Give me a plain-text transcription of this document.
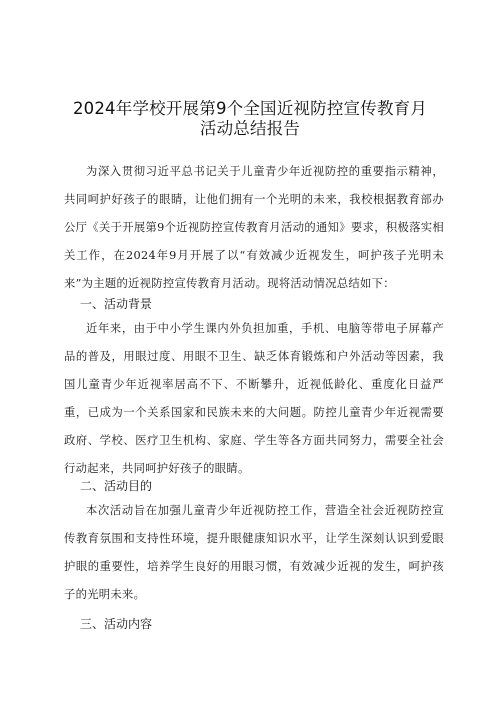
2024年学校开展第9个全国近视防控宣传教育月
活动总结报告

为深入贯彻习近平总书记关于儿童青少年近视防控的重要指示精神，共同呵护好孩子的眼睛，让他们拥有一个光明的未来，我校根据教育部办公厅《关于开展第9个近视防控宣传教育月活动的通知》要求，积极落实相关工作，在2024年9月开展了以“有效减少近视发生，呵护孩子光明未来”为主题的近视防控宣传教育月活动。现将活动情况总结如下：

一、活动背景

近年来，由于中小学生课内外负担加重，手机、电脑等带电子屏幕产品的普及，用眼过度、用眼不卫生、缺乏体育锻炼和户外活动等因素，我国儿童青少年近视率居高不下、不断攀升，近视低龄化、重度化日益严重，已成为一个关系国家和民族未来的大问题。防控儿童青少年近视需要政府、学校、医疗卫生机构、家庭、学生等各方面共同努力，需要全社会行动起来，共同呵护好孩子的眼睛。

二、活动目的

本次活动旨在加强儿童青少年近视防控工作，营造全社会近视防控宣传教育氛围和支持性环境，提升眼健康知识水平，让学生深刻认识到爱眼护眼的重要性，培养学生良好的用眼习惯，有效减少近视的发生，呵护孩子的光明未来。

三、活动内容
